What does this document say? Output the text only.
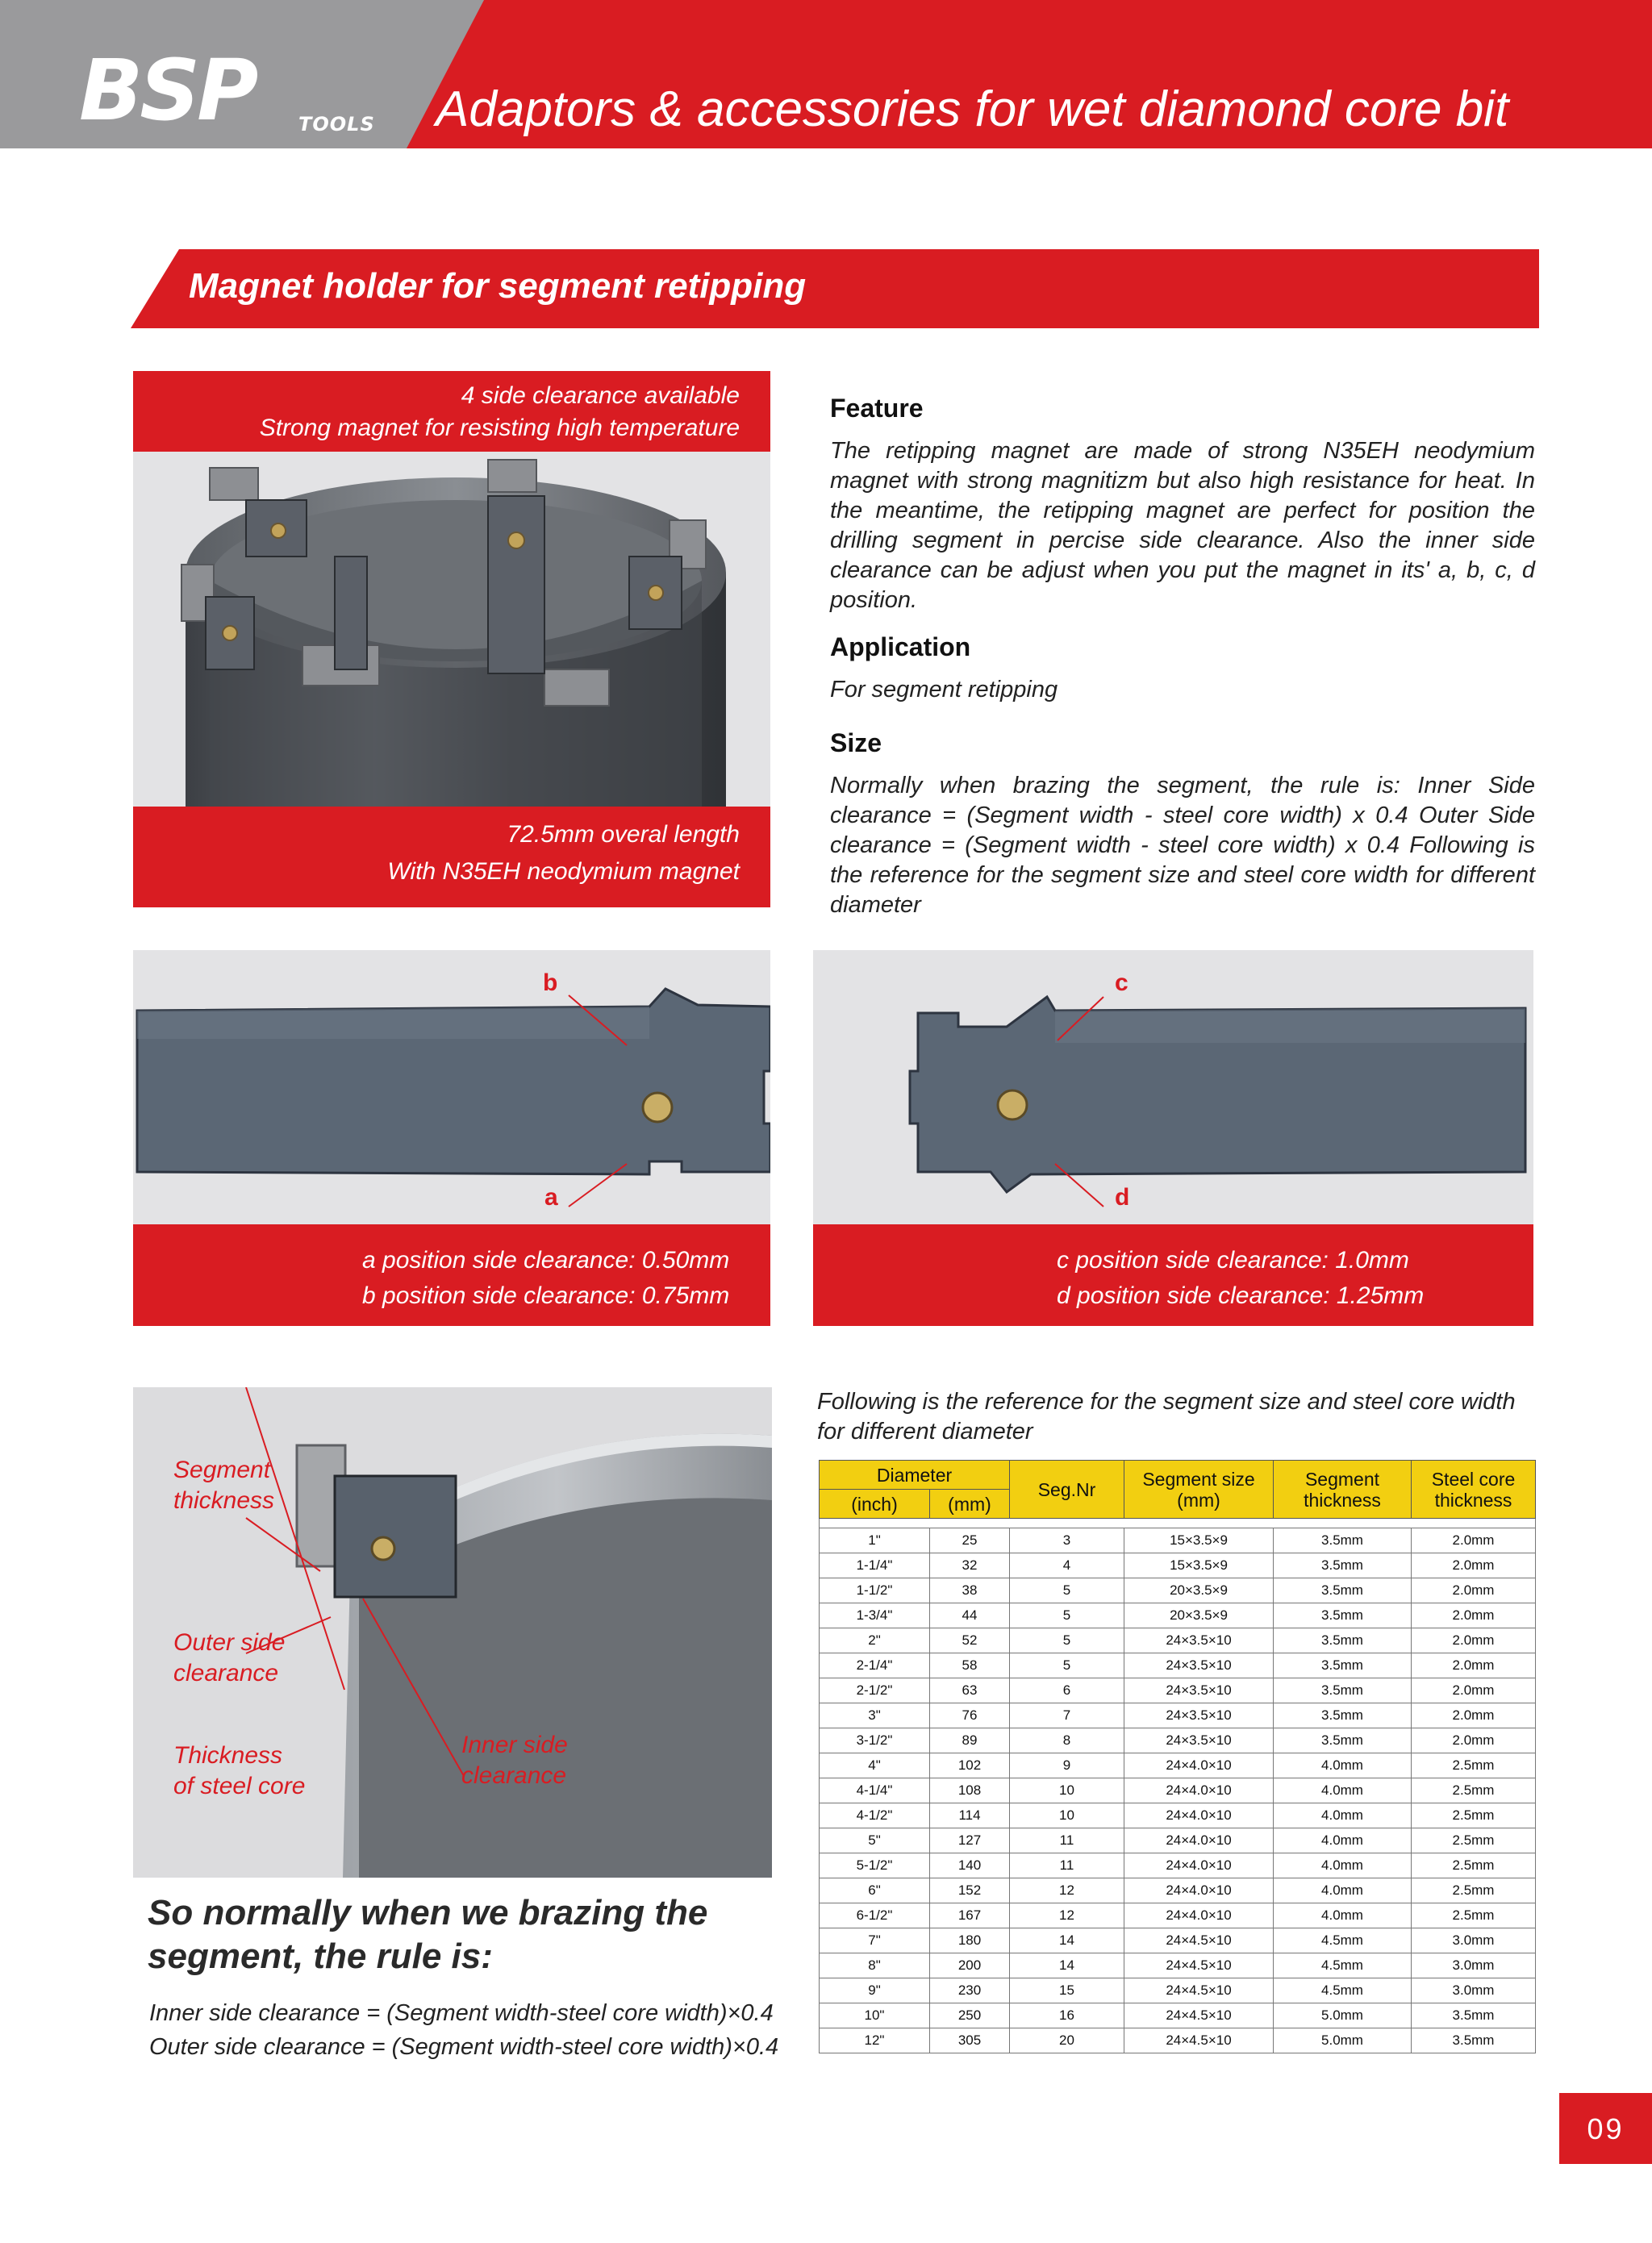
BSP TOOLS Adaptors & accessories for wet diamond core bit
Magnet holder for segment retipping
4 side clearance available
Strong magnet for resisting high temperature
72.5mm overal length
With N35EH neodymium magnet
Feature

The retipping magnet are made of strong N35EH neodymium magnet with strong magnitizm but also high resistance for heat. In the meantime, the retipping magnet are perfect for position the drilling segment in percise side clearance. Also the inner side clearance can be adjust when you put the magnet in its' a, b, c, d position.

Application

For segment retipping

Size

Normally when brazing the segment, the rule is: Inner Side clearance = (Segment width - steel core width) x 0.4 Outer Side clearance = (Segment width - steel core width) x 0.4 Following is the reference for the segment size and steel core width for different diameter

b
a
a position side clearance: 0.50mm
b position side clearance: 0.75mm
c
d
c position side clearance: 1.0mm
d position side clearance: 1.25mm
Segment
thickness
Outer side
clearance
Thickness
of steel core
Inner side
clearance
So normally when we brazing the
segment, the rule is:
Inner side clearance = (Segment width-steel core width)×0.4
Outer side clearance = (Segment width-steel core width)×0.4
Following is the reference for the segment size and steel core width for different diameter
Diameter		Seg.Nr	Segment size (mm)	Segment thickness	Steel core thickness
(inch)	(mm)				

1"	25	3	15×3.5×9	3.5mm	2.0mm
1-1/4"	32	4	15×3.5×9	3.5mm	2.0mm
1-1/2"	38	5	20×3.5×9	3.5mm	2.0mm
1-3/4"	44	5	20×3.5×9	3.5mm	2.0mm
2"	52	5	24×3.5×10	3.5mm	2.0mm
2-1/4"	58	5	24×3.5×10	3.5mm	2.0mm
2-1/2"	63	6	24×3.5×10	3.5mm	2.0mm
3"	76	7	24×3.5×10	3.5mm	2.0mm
3-1/2"	89	8	24×3.5×10	3.5mm	2.0mm
4"	102	9	24×4.0×10	4.0mm	2.5mm
4-1/4"	108	10	24×4.0×10	4.0mm	2.5mm
4-1/2"	114	10	24×4.0×10	4.0mm	2.5mm
5"	127	11	24×4.0×10	4.0mm	2.5mm
5-1/2"	140	11	24×4.0×10	4.0mm	2.5mm
6"	152	12	24×4.0×10	4.0mm	2.5mm
6-1/2"	167	12	24×4.0×10	4.0mm	2.5mm
7"	180	14	24×4.5×10	4.5mm	3.0mm
8"	200	14	24×4.5×10	4.5mm	3.0mm
9"	230	15	24×4.5×10	4.5mm	3.0mm
10"	250	16	24×4.5×10	5.0mm	3.5mm
12"	305	20	24×4.5×10	5.0mm	3.5mm
09
